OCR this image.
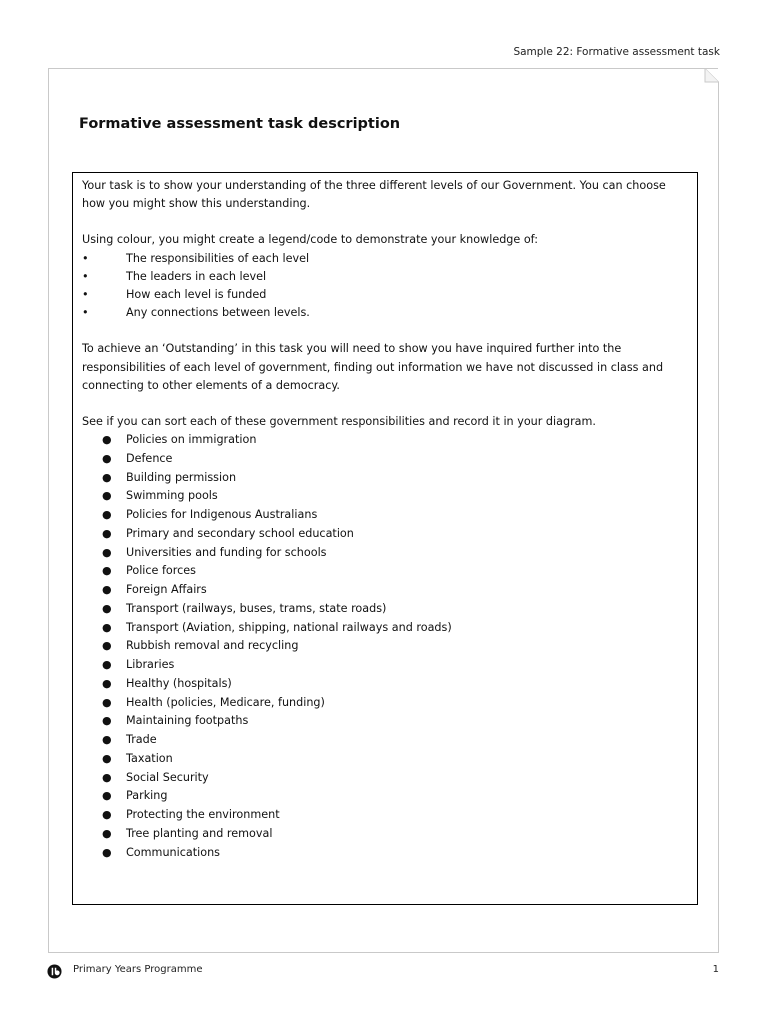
Sample 22: Formative assessment task
Formative assessment task description

Your task is to show your understanding of the three different levels of our Government. You can choose

how you might show this understanding.

Using colour, you might create a legend/code to demonstrate your knowledge of:

•	The responsibilities of each level
•	The leaders in each level
•	How each level is funded
•	Any connections between levels.

To achieve an ‘Outstanding’ in this task you will need to show you have inquired further into the

responsibilities of each level of government, finding out information we have not discussed in class and

connecting to other elements of a democracy.

See if you can sort each of these government responsibilities and record it in your diagram.

● Policies on immigration
● Defence
● Building permission
● Swimming pools
● Policies for Indigenous Australians
● Primary and secondary school education
● Universities and funding for schools
● Police forces
● Foreign Affairs
● Transport (railways, buses, trams, state roads)
● Transport (Aviation, shipping, national railways and roads)
● Rubbish removal and recycling
● Libraries
● Healthy (hospitals)
● Health (policies, Medicare, funding)
● Maintaining footpaths
● Trade
● Taxation
● Social Security
● Parking
● Protecting the environment
● Tree planting and removal
● Communications
Primary Years Programme	1
